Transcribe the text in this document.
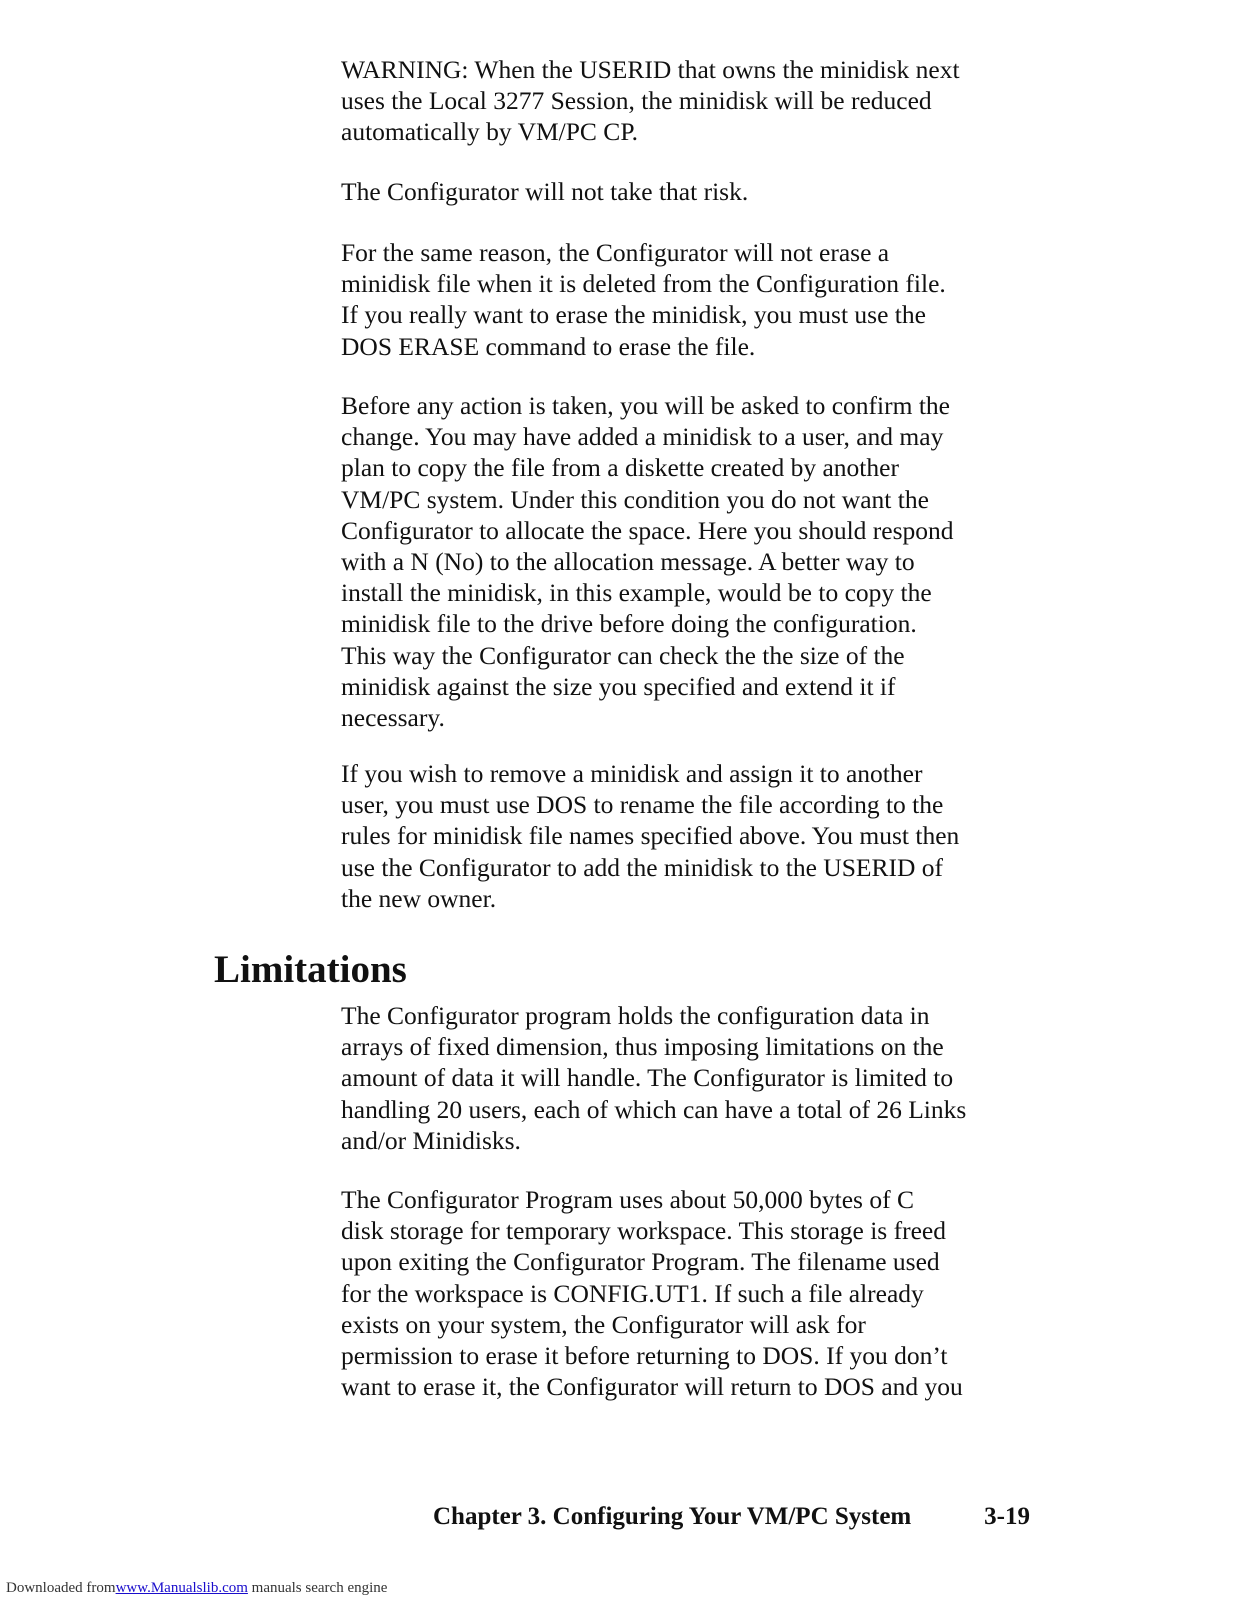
WARNING: When the USERID that owns the minidisk next
uses the Local 3277 Session, the minidisk will be reduced
automatically by VM/PC CP.

The Configurator will not take that risk.

For the same reason, the Configurator will not erase a
minidisk file when it is deleted from the Configuration file.
If you really want to erase the minidisk, you must use the
DOS ERASE command to erase the file.

Before any action is taken, you will be asked to confirm the
change. You may have added a minidisk to a user, and may
plan to copy the file from a diskette created by another
VM/PC system. Under this condition you do not want the
Configurator to allocate the space. Here you should respond
with a N (No) to the allocation message. A better way to
install the minidisk, in this example, would be to copy the
minidisk file to the drive before doing the configuration.
This way the Configurator can check the the size of the
minidisk against the size you specified and extend it if
necessary.

If you wish to remove a minidisk and assign it to another
user, you must use DOS to rename the file according to the
rules for minidisk file names specified above. You must then
use the Configurator to add the minidisk to the USERID of
the new owner.

Limitations

The Configurator program holds the configuration data in
arrays of fixed dimension, thus imposing limitations on the
amount of data it will handle. The Configurator is limited to
handling 20 users, each of which can have a total of 26 Links
and/or Minidisks.

The Configurator Program uses about 50,000 bytes of C
disk storage for temporary workspace. This storage is freed
upon exiting the Configurator Program. The filename used
for the workspace is CONFIG.UT1. If such a file already
exists on your system, the Configurator will ask for
permission to erase it before returning to DOS. If you don’t
want to erase it, the Configurator will return to DOS and you

Chapter 3. Configuring Your VM/PC System	3-19
Downloaded fromwww.Manualslib.com manuals search engine
